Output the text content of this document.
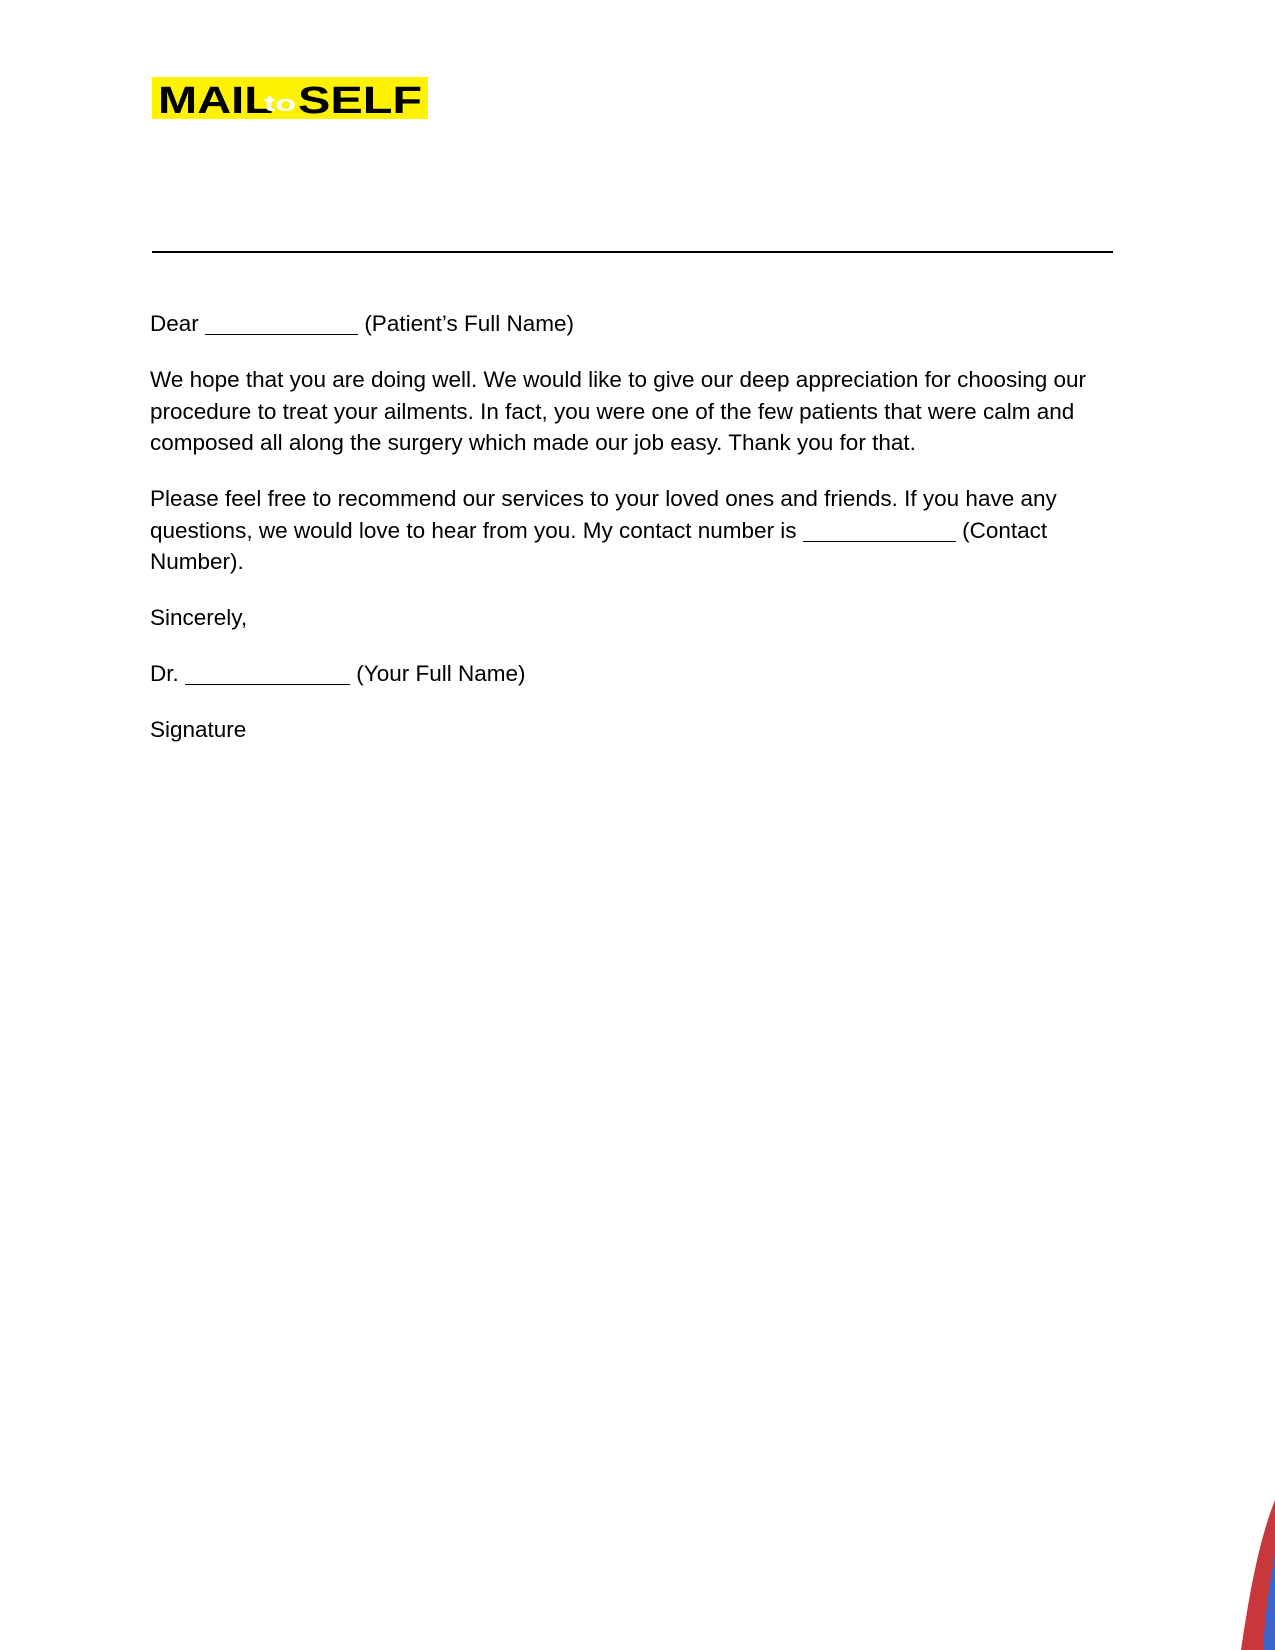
MAIL
to SELF

Dear	(Patient’s Full Name)

We hope that you are doing well. We would like to give our deep appreciation for choosing our procedure to treat your ailments. In fact, you were one of the few patients that were calm and composed all along the surgery which made our job easy. Thank you for that.

Please feel free to recommend our services to your loved ones and friends. If you have any questions, we would love to hear from you. My contact number is	(Contact Number).

Sincerely,

Dr.	(Your Full Name)

Signature
